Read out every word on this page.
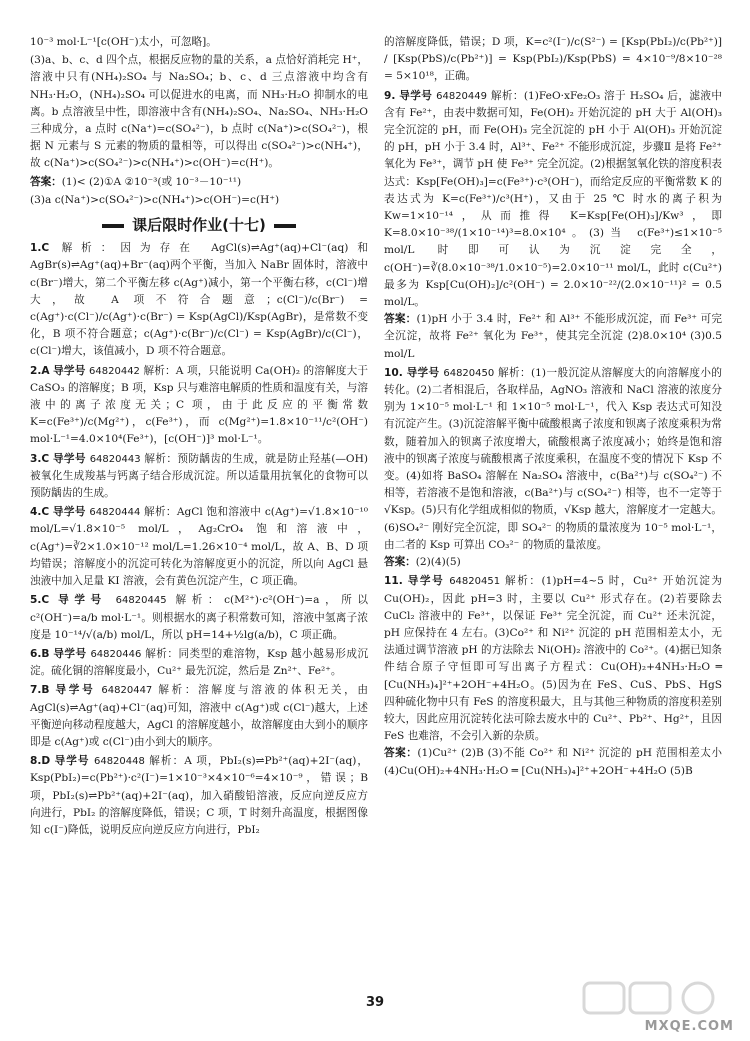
10⁻³ mol·L⁻¹[c(OH⁻)太小，可忽略]。

(3)a、b、c、d 四个点，根据反应物的量的关系，a 点恰好消耗完 H⁺，溶液中只有(NH₄)₂SO₄ 与 Na₂SO₄；b、c、d 三点溶液中均含有 NH₃·H₂O，(NH₄)₂SO₄ 可以促进水的电离，而 NH₃·H₂O 抑制水的电离。b 点溶液呈中性，即溶液中含有(NH₄)₂SO₄、Na₂SO₄、NH₃·H₂O 三种成分，a 点时 c(Na⁺)=c(SO₄²⁻)，b 点时 c(Na⁺)>c(SO₄²⁻)，根据 N 元素与 S 元素的物质的量相等，可以得出 c(SO₄²⁻)>c(NH₄⁺)，故 c(Na⁺)>c(SO₄²⁻)>c(NH₄⁺)>c(OH⁻)=c(H⁺)。

答案：(1)< (2)①A ②10⁻³(或 10⁻³－10⁻¹¹)

(3)a c(Na⁺)>c(SO₄²⁻)>c(NH₄⁺)>c(OH⁻)=c(H⁺)

课后限时作业(十七)
1.C 解析：因为存在 AgCl(s)⇌Ag⁺(aq)+Cl⁻(aq)和 AgBr(s)⇌Ag⁺(aq)+Br⁻(aq)两个平衡，当加入 NaBr 固体时，溶液中 c(Br⁻)增大，第二个平衡左移 c(Ag⁺)减小，第一个平衡右移，c(Cl⁻)增大，故 A 项不符合题意；c(Cl⁻)/c(Br⁻) = c(Ag⁺)·c(Cl⁻)/c(Ag⁺)·c(Br⁻) = Ksp(AgCl)/Ksp(AgBr)，是常数不变化，B 项不符合题意；c(Ag⁺)·c(Br⁻)/c(Cl⁻) = Ksp(AgBr)/c(Cl⁻)，c(Cl⁻)增大，该值减小，D 项不符合题意。
2.A 导学号 64820442 解析：A 项，只能说明 Ca(OH)₂ 的溶解度大于 CaSO₃ 的溶解度；B 项，Ksp 只与难溶电解质的性质和温度有关，与溶液中的离子浓度无关；C 项，由于此反应的平衡常数 K=c(Fe³⁺)/c(Mg²⁺)，c(Fe³⁺)，而 c(Mg²⁺)=1.8×10⁻¹¹/c²(OH⁻) mol·L⁻¹=4.0×10⁴(Fe³⁺)，[c(OH⁻)]³ mol·L⁻¹。
3.C 导学号 64820443 解析：预防龋齿的生成，就是防止羟基(—OH)被氧化生成羧基与钙离子结合形成沉淀。所以适量用抗氧化的食物可以预防龋齿的生成。
4.C 导学号 64820444 解析：AgCl 饱和溶液中 c(Ag⁺)=√1.8×10⁻¹⁰ mol/L=√1.8×10⁻⁵ mol/L，Ag₂CrO₄ 饱和溶液中，c(Ag⁺)=∛2×1.0×10⁻¹² mol/L=1.26×10⁻⁴ mol/L，故 A、B、D 项均错误；溶解度小的沉淀可转化为溶解度更小的沉淀，所以向 AgCl 悬浊液中加入足量 KI 溶液，会有黄色沉淀产生，C 项正确。
5.C 导学号 64820445 解析：c(M²⁺)·c²(OH⁻)=a，所以 c²(OH⁻)=a/b mol·L⁻¹。则根据水的离子积常数可知，溶液中氢离子浓度是 10⁻¹⁴/√(a/b) mol/L，所以 pH=14+½lg(a/b)，C 项正确。
6.B 导学号 64820446 解析：同类型的难溶物，Ksp 越小越易形成沉淀。硫化铜的溶解度最小，Cu²⁺ 最先沉淀，然后是 Zn²⁺、Fe²⁺。
7.B 导学号 64820447 解析：溶解度与溶液的体积无关，由 AgCl(s)⇌Ag⁺(aq)+Cl⁻(aq)可知，溶液中 c(Ag⁺)或 c(Cl⁻)越大，上述平衡逆向移动程度越大，AgCl 的溶解度越小，故溶解度由大到小的顺序即是 c(Ag⁺)或 c(Cl⁻)由小到大的顺序。
8.D 导学号 64820448 解析：A 项，PbI₂(s)⇌Pb²⁺(aq)+2I⁻(aq)，Ksp(PbI₂)=c(Pb²⁺)·c²(I⁻)=1×10⁻³×4×10⁻⁶=4×10⁻⁹，错误；B 项，PbI₂(s)⇌Pb²⁺(aq)+2I⁻(aq)，加入硝酸铅溶液，反应向逆反应方向进行，PbI₂ 的溶解度降低，错误；C 项，T 时刻升高温度，根据图像知 c(I⁻)降低，说明反应向逆反应方向进行，PbI₂

的溶解度降低，错误；D 项，K=c²(I⁻)/c(S²⁻) = [Ksp(PbI₂)/c(Pb²⁺)] / [Ksp(PbS)/c(Pb²⁺)] = Ksp(PbI₂)/Ksp(PbS) = 4×10⁻⁹/8×10⁻²⁸ = 5×10¹⁸，正确。

9. 导学号 64820449 解析：(1)FeO·xFe₂O₃ 溶于 H₂SO₄ 后，滤液中含有 Fe²⁺，由表中数据可知，Fe(OH)₂ 开始沉淀的 pH 大于 Al(OH)₃ 完全沉淀的 pH，而 Fe(OH)₃ 完全沉淀的 pH 小于 Al(OH)₃ 开始沉淀的 pH，pH 小于 3.4 时，Al³⁺、Fe²⁺ 不能形成沉淀，步骤Ⅱ 是将 Fe²⁺ 氧化为 Fe³⁺，调节 pH 使 Fe³⁺ 完全沉淀。(2)根据氢氧化铁的溶度积表达式：Ksp[Fe(OH)₃]=c(Fe³⁺)·c³(OH⁻)，而给定反应的平衡常数 K 的表达式为 K=c(Fe³⁺)/c³(H⁺)，又由于 25 ℃ 时水的离子积为 Kw=1×10⁻¹⁴，从而推得 K=Ksp[Fe(OH)₃]/Kw³，即 K=8.0×10⁻³⁸/(1×10⁻¹⁴)³=8.0×10⁴。(3)当 c(Fe³⁺)≤1×10⁻⁵ mol/L 时即可认为沉淀完全，c(OH⁻)=∛(8.0×10⁻³⁸/1.0×10⁻⁵)=2.0×10⁻¹¹ mol/L，此时 c(Cu²⁺) 最多为 Ksp[Cu(OH)₂]/c²(OH⁻) = 2.0×10⁻²²/(2.0×10⁻¹¹)² = 0.5 mol/L。

答案：(1)pH 小于 3.4 时，Fe²⁺ 和 Al³⁺ 不能形成沉淀，而 Fe³⁺ 可完全沉淀，故将 Fe²⁺ 氧化为 Fe³⁺，使其完全沉淀 (2)8.0×10⁴ (3)0.5 mol/L

10. 导学号 64820450 解析：(1)一般沉淀从溶解度大的向溶解度小的转化。(2)二者相混后，各取样品，AgNO₃ 溶液和 NaCl 溶液的浓度分别为 1×10⁻⁵ mol·L⁻¹ 和 1×10⁻⁵ mol·L⁻¹，代入 Ksp 表达式可知没有沉淀产生。(3)沉淀溶解平衡中硫酸根离子浓度和钡离子浓度乘积为常数，随着加入的钡离子浓度增大，硫酸根离子浓度减小；始终是饱和溶液中的钡离子浓度与硫酸根离子浓度乘积，在温度不变的情况下 Ksp 不变。(4)如将 BaSO₄ 溶解在 Na₂SO₄ 溶液中，c(Ba²⁺)与 c(SO₄²⁻) 不相等，若溶液不是饱和溶液，c(Ba²⁺)与 c(SO₄²⁻) 相等，也不一定等于 √Ksp。(5)只有化学组成相似的物质，√Ksp 越大，溶解度才一定越大。(6)SO₄²⁻ 刚好完全沉淀，即 SO₄²⁻ 的物质的量浓度为 10⁻⁵ mol·L⁻¹，由二者的 Ksp 可算出 CO₃²⁻ 的物质的量浓度。

答案：(2)(4)(5)

11. 导学号 64820451 解析：(1)pH=4~5 时，Cu²⁺ 开始沉淀为 Cu(OH)₂，因此 pH=3 时，主要以 Cu²⁺ 形式存在。(2)若要除去 CuCl₂ 溶液中的 Fe³⁺，以保证 Fe³⁺ 完全沉淀，而 Cu²⁺ 还未沉淀，pH 应保持在 4 左右。(3)Co²⁺ 和 Ni²⁺ 沉淀的 pH 范围相差太小，无法通过调节溶液 pH 的方法除去 Ni(OH)₂ 溶液中的 Co²⁺。(4)据已知条件结合原子守恒即可写出离子方程式：Cu(OH)₂+4NH₃·H₂O ═ [Cu(NH₃)₄]²⁺+2OH⁻+4H₂O。(5)因为在 FeS、CuS、PbS、HgS 四种硫化物中只有 FeS 的溶度积最大，且与其他三种物质的溶度积差别较大，因此应用沉淀转化法可除去废水中的 Cu²⁺、Pb²⁺、Hg²⁺，且因 FeS 也难溶，不会引入新的杂质。

答案：(1)Cu²⁺ (2)B (3)不能 Co²⁺ 和 Ni²⁺ 沉淀的 pH 范围相差太小 (4)Cu(OH)₂+4NH₃·H₂O ═ [Cu(NH₃)₄]²⁺+2OH⁻+4H₂O (5)B

39
MXQE.COM
